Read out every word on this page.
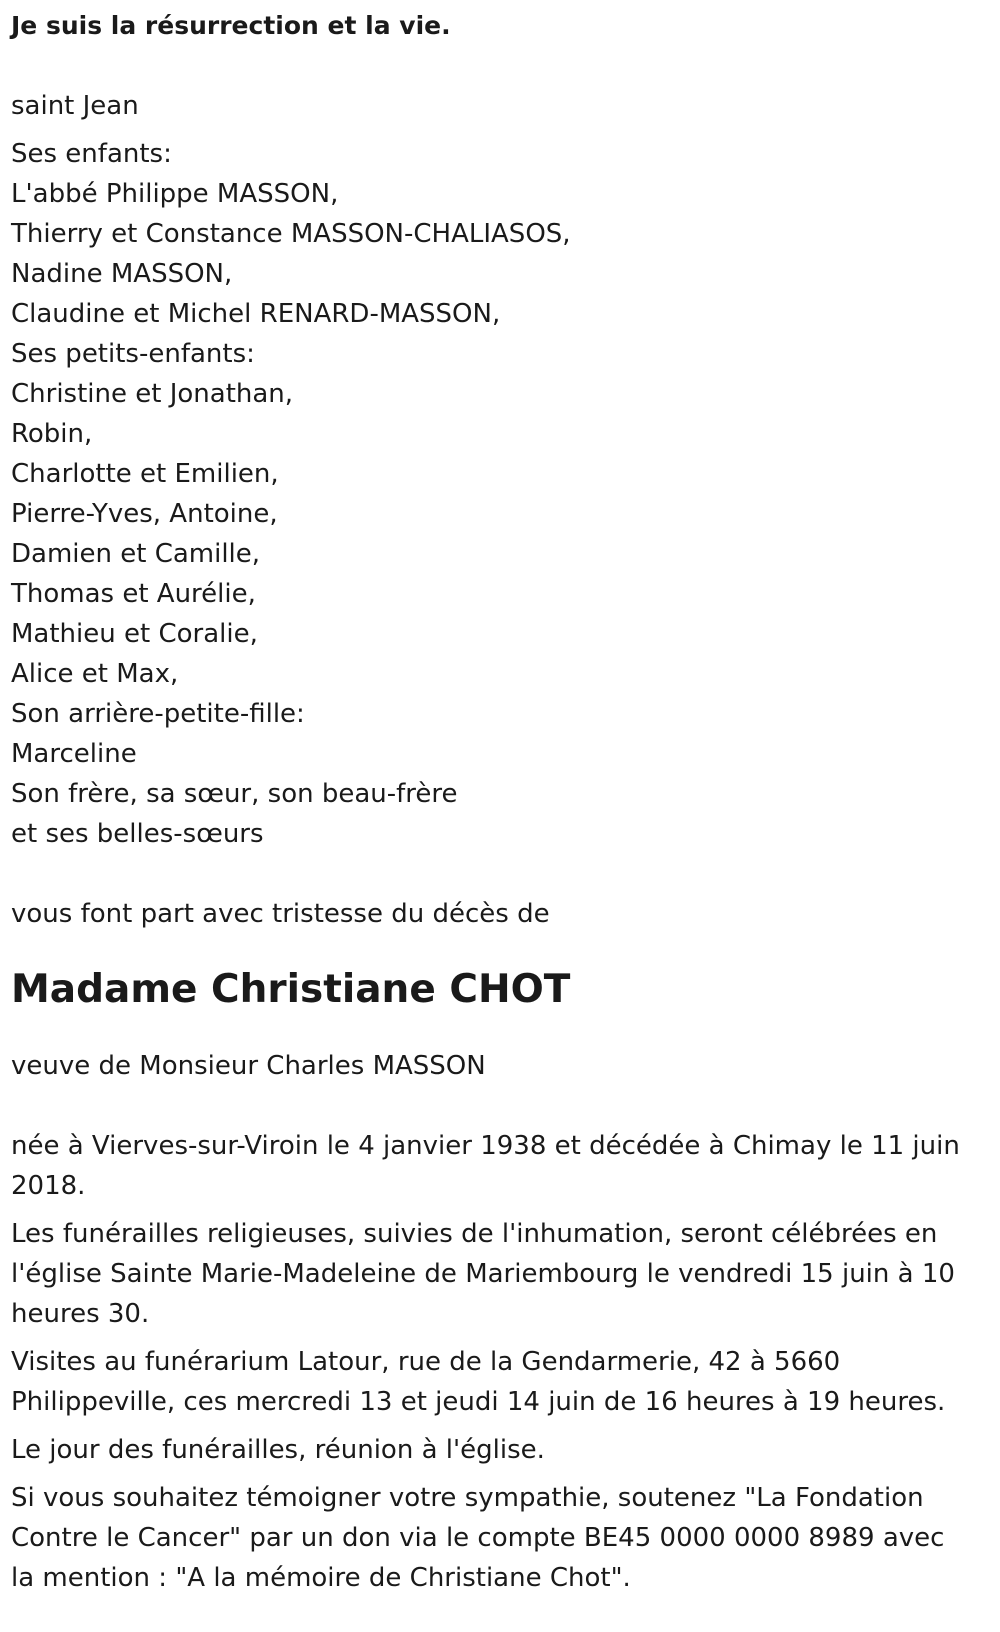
Je suis la résurrection et la vie.

saint Jean

Ses enfants:
L'abbé Philippe MASSON,
Thierry et Constance MASSON-CHALIASOS,
Nadine MASSON,
Claudine et Michel RENARD-MASSON,
Ses petits-enfants:
Christine et Jonathan,
Robin,
Charlotte et Emilien,
Pierre-Yves, Antoine,
Damien et Camille,
Thomas et Aurélie,
Mathieu et Coralie,
Alice et Max,
Son arrière-petite-fille:
Marceline
Son frère, sa sœur, son beau-frère
et ses belles-sœurs

vous font part avec tristesse du décès de

Madame Christiane CHOT

veuve de Monsieur Charles MASSON

née à Vierves-sur-Viroin le 4 janvier 1938 et décédée à Chimay le 11 juin 2018.

Les funérailles religieuses, suivies de l'inhumation, seront célébrées en l'église Sainte Marie-Madeleine de Mariembourg le vendredi 15 juin à 10 heures 30.

Visites au funérarium Latour, rue de la Gendarmerie, 42 à 5660 Philippeville, ces mercredi 13 et jeudi 14 juin de 16 heures à 19 heures.

Le jour des funérailles, réunion à l'église.

Si vous souhaitez témoigner votre sympathie, soutenez "La Fondation Contre le Cancer" par un don via le compte BE45 0000 0000 8989 avec la mention : "A la mémoire de Christiane Chot".
